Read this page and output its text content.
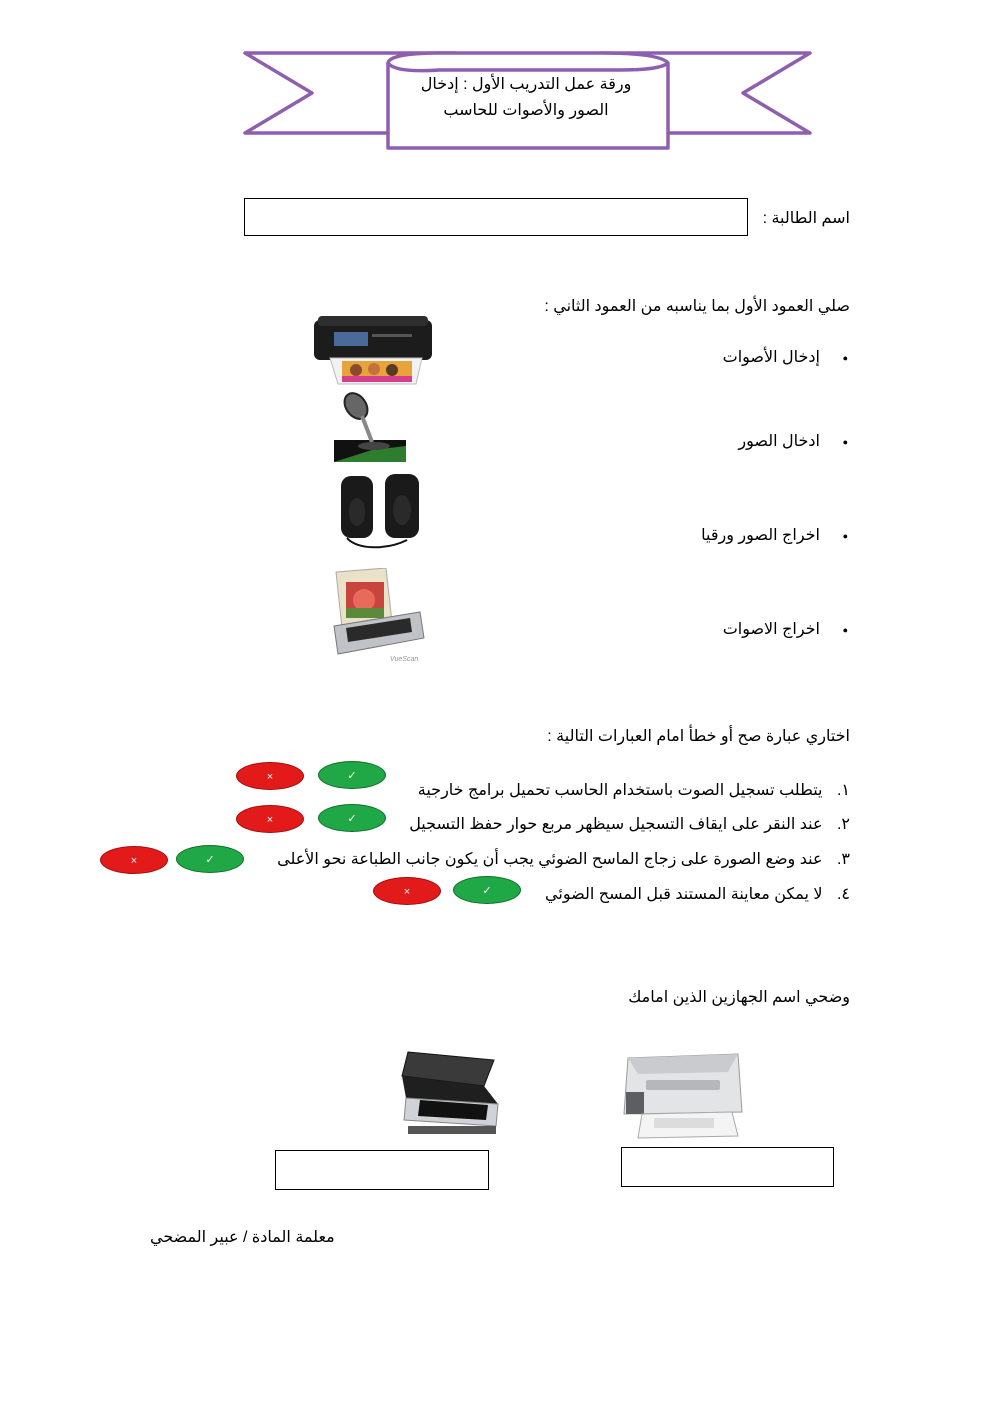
ورقة عمل التدريب الأول : إدخال
الصور والأصوات للحاسب
اسم الطالبة :
صلي العمود الأول بما يناسبه من العمود الثاني :
إدخال الأصوات ●
ادخال الصور ●
اخراج الصور ورقيا ●
اخراج الاصوات ●
VueScan
اختاري عبارة صح أو خطأ امام العبارات التالية :
١. يتطلب تسجيل الصوت باستخدام الحاسب تحميل برامج خارجية
٢. عند النقر على ايقاف التسجيل سيظهر مربع حوار حفظ التسجيل
٣. عند وضع الصورة على زجاج الماسح الضوئي يجب أن يكون جانب الطباعة نحو الأعلى
٤. لا يمكن معاينة المستند قبل المسح الضوئي
✓
×
✓
×
✓
×
✓
×
وضحي اسم الجهازين الذين امامك
معلمة المادة / عبير المضحي
